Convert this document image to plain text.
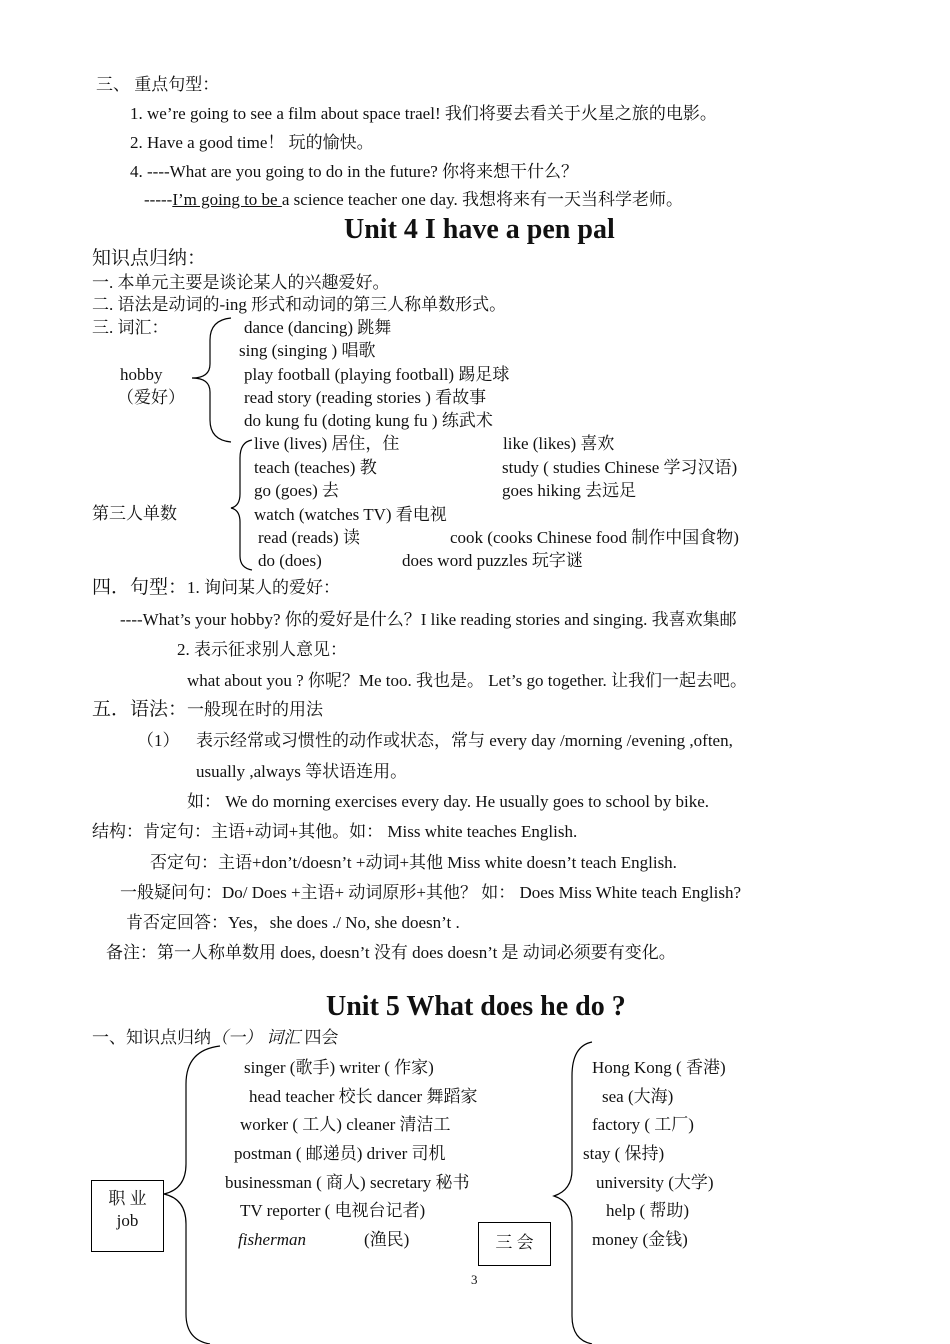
三、 重点句型：
1. we’re going to see a film about space trael! 我们将要去看关于火星之旅的电影。
2. Have a good time！ 玩的愉快。
4. ----What are you going to do in the future? 你将来想干什么？
-----I’m going to be a science teacher one day. 我想将来有一天当科学老师。
Unit 4 I have a pen pal
知识点归纳：
一. 本单元主要是谈论某人的兴趣爱好。
二. 语法是动词的-ing 形式和动词的第三人称单数形式。
三. 词汇：
hobby
（爱好）
dance (dancing) 跳舞
sing (singing ) 唱歌
play football (playing football) 踢足球
read story (reading stories ) 看故事
do kung fu (doting kung fu ) 练武术
第三人单数
live (lives) 居住，住
teach (teaches) 教
go (goes) 去
watch (watches TV) 看电视
read (reads) 读
do (does)
like (likes) 喜欢
study ( studies Chinese 学习汉语)
goes hiking 去远足
cook (cooks Chinese food 制作中国食物)
does word puzzles 玩字谜
四．句型：1. 询问某人的爱好：
----What’s your hobby? 你的爱好是什么？I like reading stories and singing. 我喜欢集邮
2. 表示征求别人意见：
what about you ? 你呢？Me too. 我也是。 Let’s go together. 让我们一起去吧。
五．语法：一般现在时的用法
（1） 表示经常或习惯性的动作或状态，常与 every day /morning /evening ,often,
usually ,always 等状语连用。
如： We do morning exercises every day. He usually goes to school by bike.
结构：肯定句：主语+动词+其他。如： Miss white teaches English.
否定句：主语+don’t/doesn’t +动词+其他 Miss white doesn’t teach English.
一般疑问句：Do/ Does +主语+ 动词原形+其他？ 如： Does Miss White teach English?
肯否定回答：Yes，she does ./ No, she doesn’t .
备注：第一人称单数用 does, doesn’t 没有 does doesn’t 是 动词必须要有变化。
Unit 5 What does he do ?
一、知识点归纳（一） 词汇 四会
职 业
job
singer (歌手) writer ( 作家)
head teacher 校长 dancer 舞蹈家
worker ( 工人) cleaner 清洁工
postman ( 邮递员) driver 司机
businessman ( 商人) secretary 秘书
TV reporter ( 电视台记者)
fisherman	(渔民)	三 会
Hong Kong ( 香港)
sea (大海)
factory ( 工厂)
stay ( 保持)
university (大学)
help ( 帮助)
money (金钱)
3
